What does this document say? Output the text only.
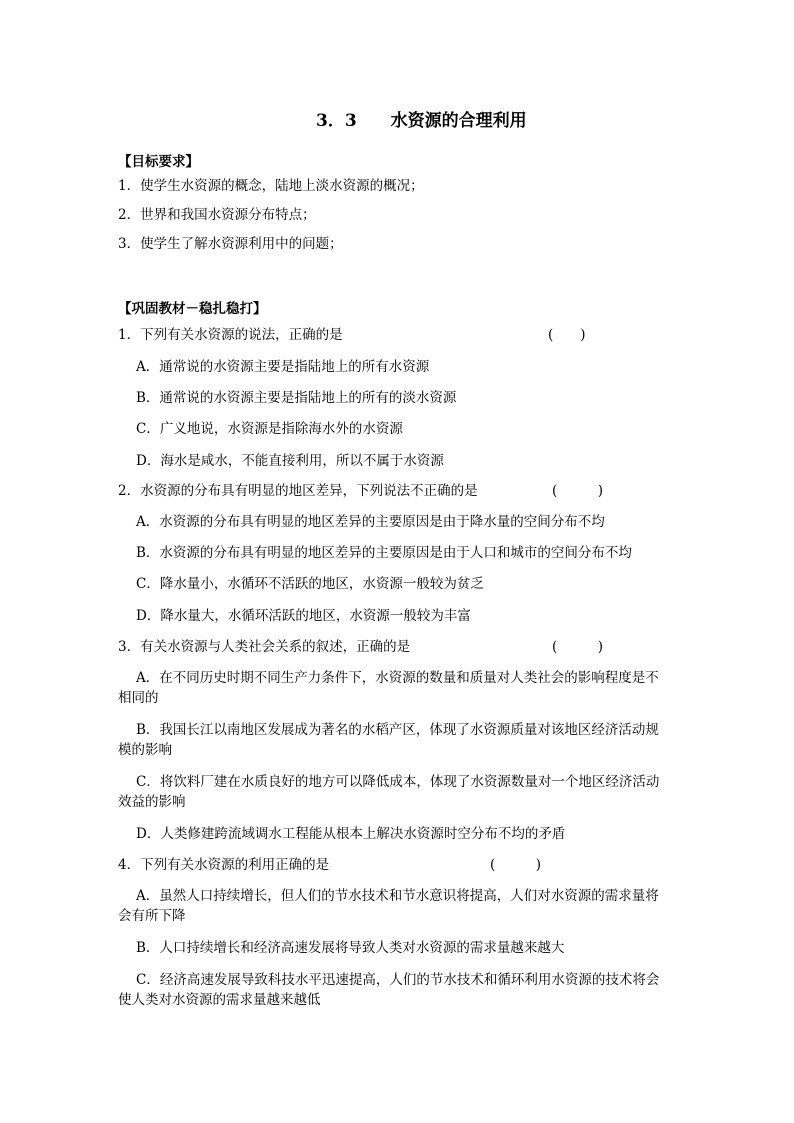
3．3　　水资源的合理利用
【目标要求】
1．使学生水资源的概念，陆地上淡水资源的概况；
2．世界和我国水资源分布特点；
3．使学生了解水资源利用中的问题；
【巩固教材－稳扎稳打】
1．下列有关水资源的说法，正确的是	(　　)
A．通常说的水资源主要是指陆地上的所有水资源
B．通常说的水资源主要是指陆地上的所有的淡水资源
C．广义地说，水资源是指除海水外的水资源
D．海水是咸水，不能直接利用，所以不属于水资源
2．水资源的分布具有明显的地区差异，下列说法不正确的是	(　　　)
A．水资源的分布具有明显的地区差异的主要原因是由于降水量的空间分布不均
B．水资源的分布具有明显的地区差异的主要原因是由于人口和城市的空间分布不均
C．降水量小，水循环不活跃的地区，水资源一般较为贫乏
D．降水量大，水循环活跃的地区，水资源一般较为丰富
3．有关水资源与人类社会关系的叙述，正确的是	(　　　)
A．在不同历史时期不同生产力条件下，水资源的数量和质量对人类社会的影响程度是不
相同的
B．我国长江以南地区发展成为著名的水稻产区，体现了水资源质量对该地区经济活动规
模的影响
C．将饮料厂建在水质良好的地方可以降低成本，体现了水资源数量对一个地区经济活动
效益的影响
D．人类修建跨流域调水工程能从根本上解决水资源时空分布不均的矛盾
4．下列有关水资源的利用正确的是	(　　　)
A．虽然人口持续增长，但人们的节水技术和节水意识将提高，人们对水资源的需求量将
会有所下降
B．人口持续增长和经济高速发展将导致人类对水资源的需求量越来越大
C．经济高速发展导致科技水平迅速提高，人们的节水技术和循环利用水资源的技术将会
使人类对水资源的需求量越来越低
